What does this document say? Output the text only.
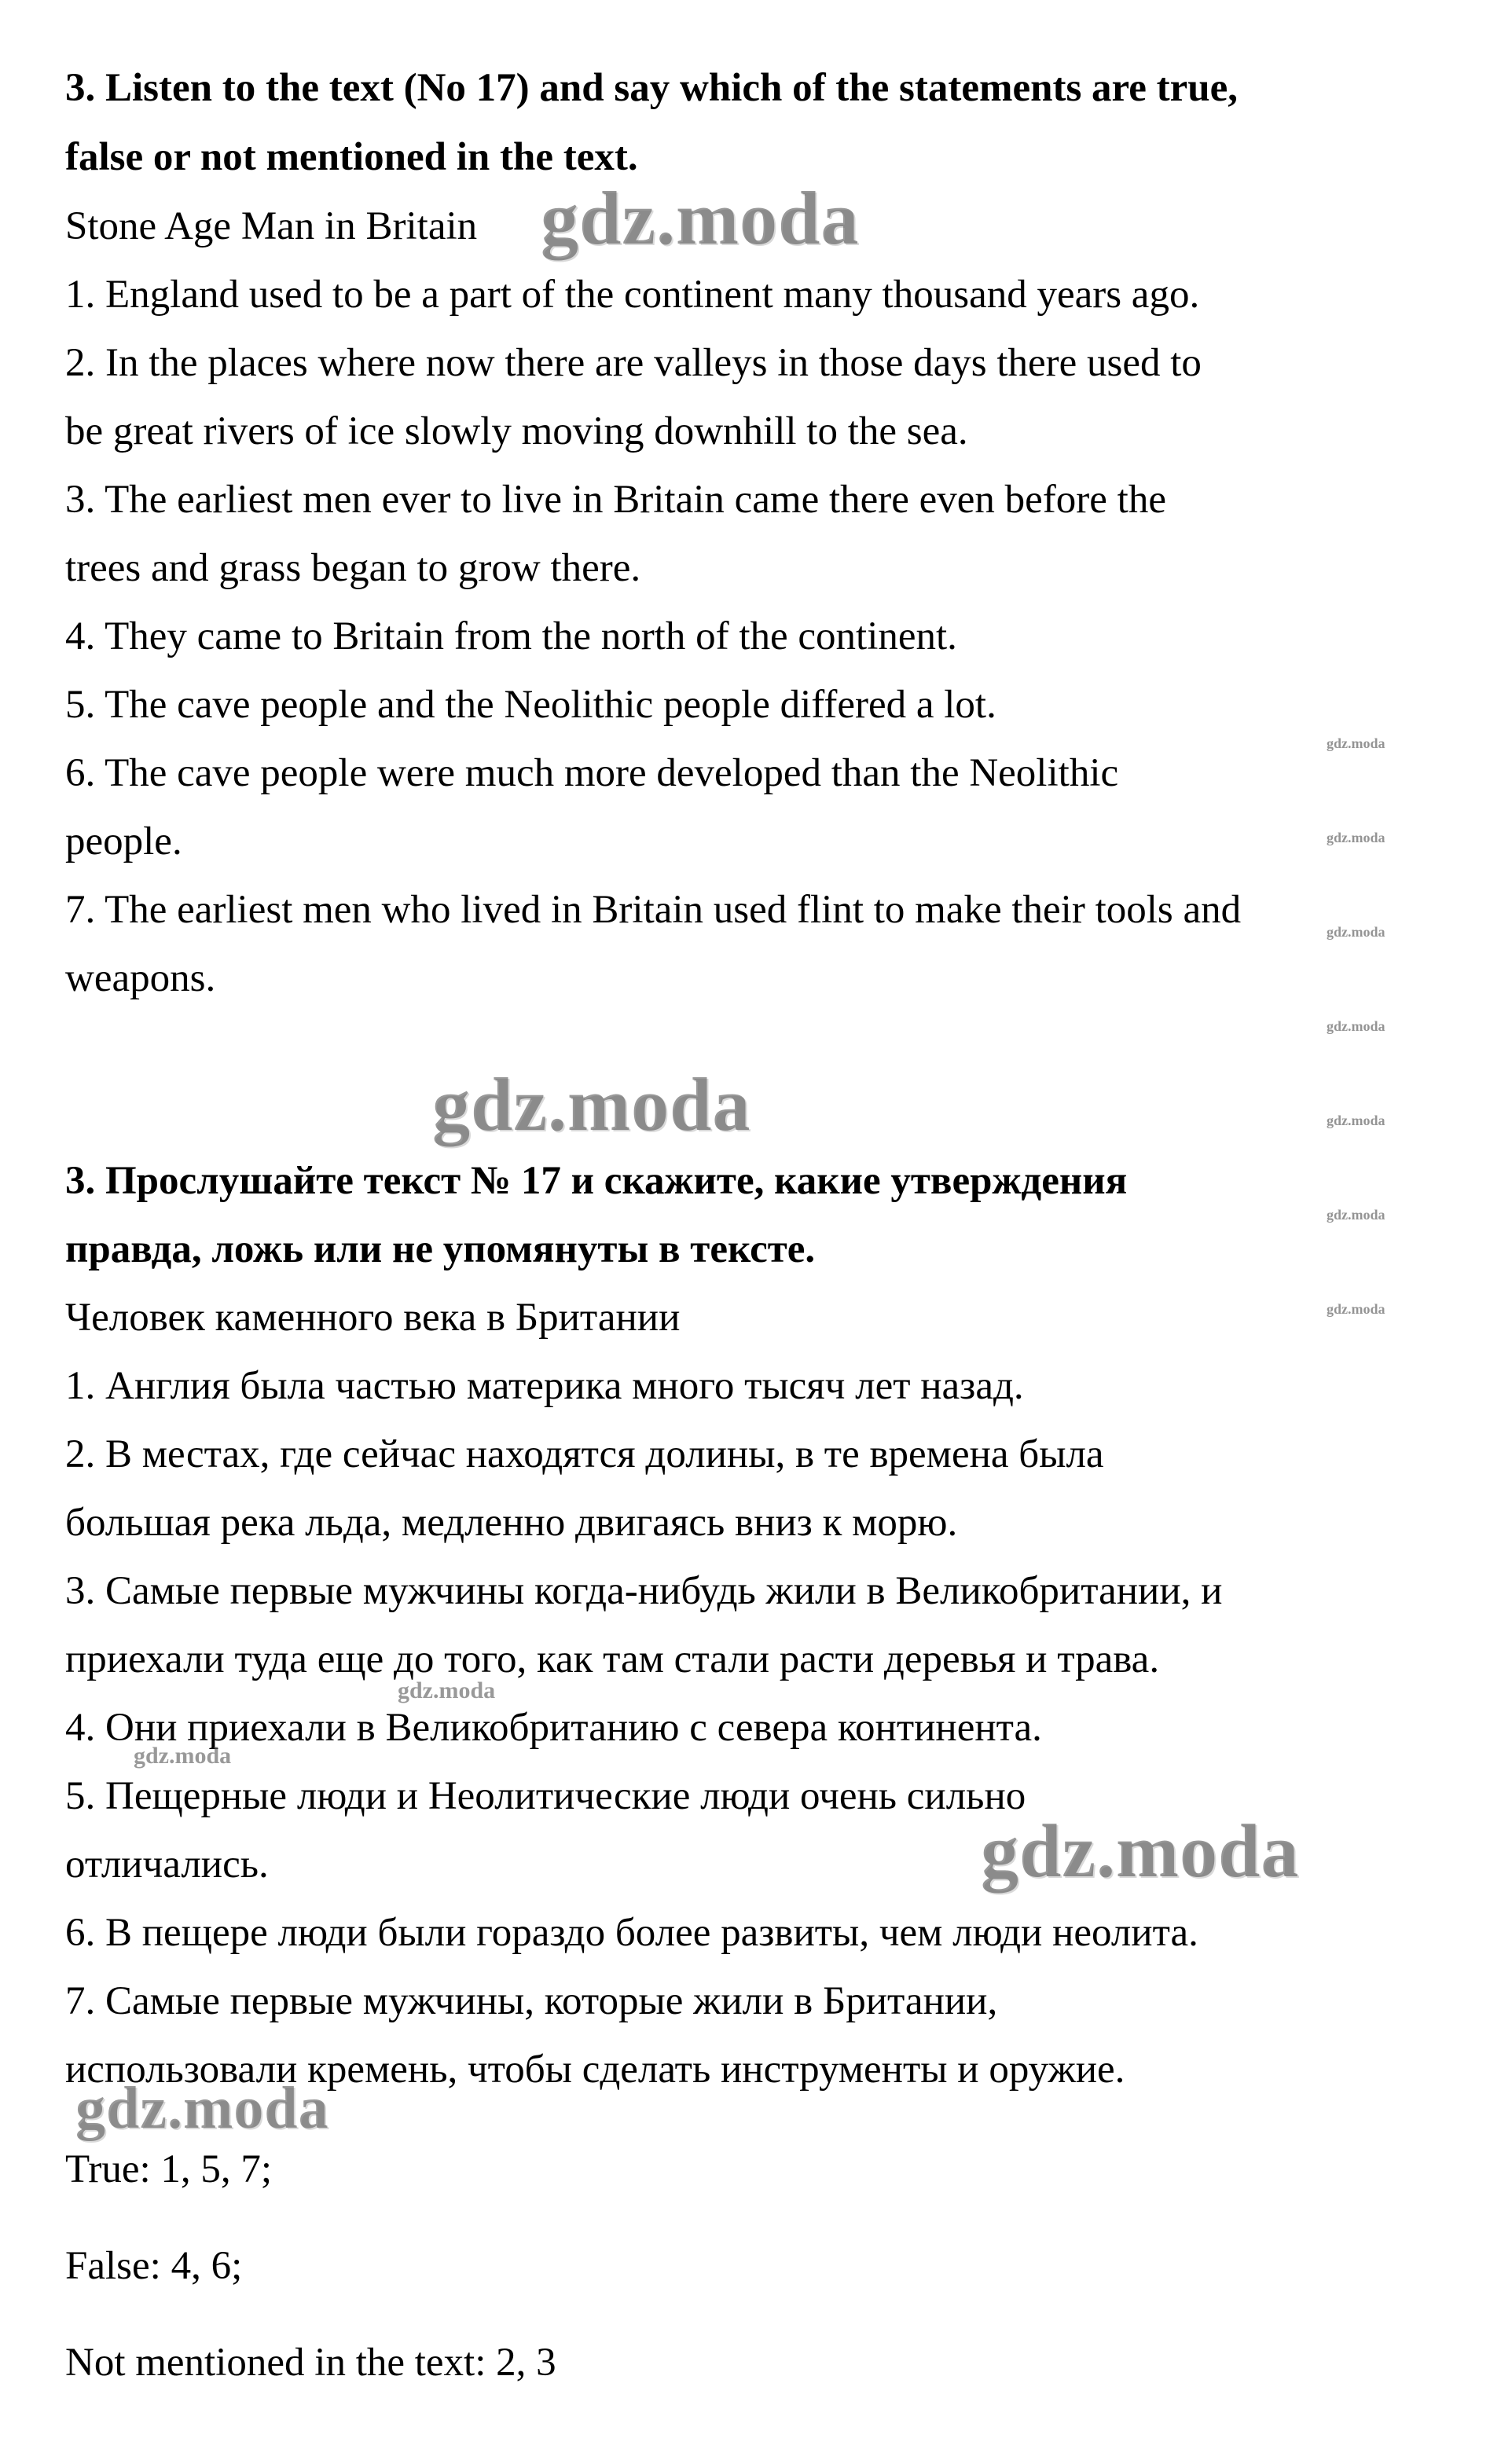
3. Listen to the text (No 17) and say which of the statements are true,
false or not mentioned in the text.
Stone Age Man in Britain
1. England used to be a part of the continent many thousand years ago.
2. In the places where now there are valleys in those days there used to
be great rivers of ice slowly moving downhill to the sea.
3. The earliest men ever to live in Britain came there even before the
trees and grass began to grow there.
4. They came to Britain from the north of the continent.
5. The cave people and the Neolithic people differed a lot.
6. The cave people were much more developed than the Neolithic
people.
7. The earliest men who lived in Britain used flint to make their tools and
weapons.
3. Прослушайте текст № 17 и скажите, какие утверждения
правда, ложь или не упомянуты в тексте.
Человек каменного века в Британии
1. Англия была частью материка много тысяч лет назад.
2. В местах, где сейчас находятся долины, в те времена была
большая река льда, медленно двигаясь вниз к морю.
3. Самые первые мужчины когда-нибудь жили в Великобритании, и
приехали туда еще до того, как там стали расти деревья и трава.
4. Они приехали в Великобританию с севера континента.
5. Пещерные люди и Неолитические люди очень сильно
отличались.
6. В пещере люди были гораздо более развиты, чем люди неолита.
7. Самые первые мужчины, которые жили в Британии,
использовали кремень, чтобы сделать инструменты и оружие.
True: 1, 5, 7;
False: 4, 6;
Not mentioned in the text: 2, 3
gdz.moda
gdz.moda
gdz.moda
gdz.moda
gdz.moda
gdz.moda
gdz.moda
gdz.moda
gdz.moda
gdz.moda
gdz.moda
gdz.moda
gdz.moda
